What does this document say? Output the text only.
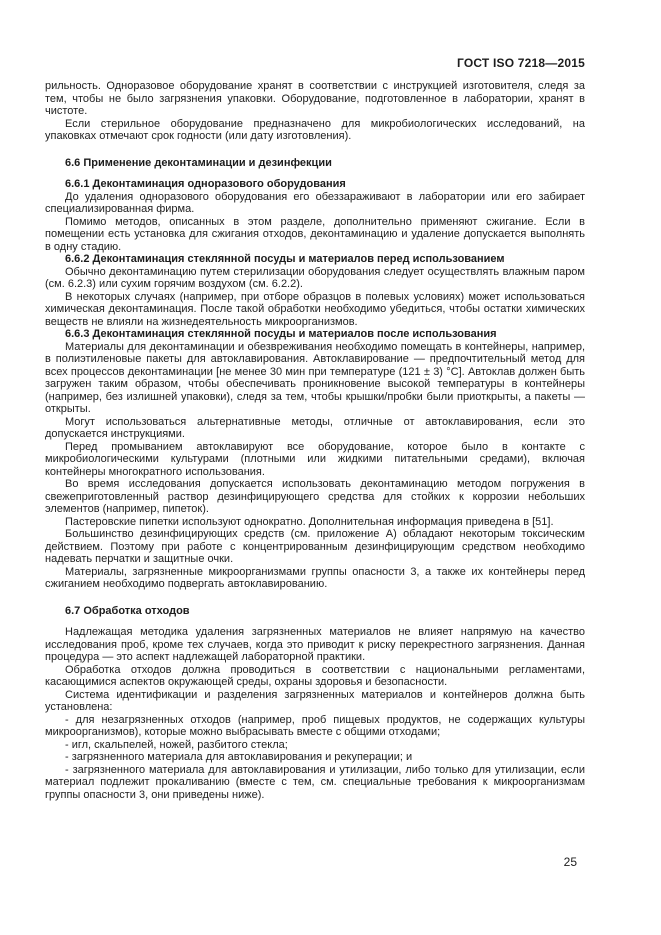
ГОСТ ISO 7218—2015

рильность. Одноразовое оборудование хранят в соответствии с инструкцией изготовителя, следя за тем, чтобы не было загрязнения упаковки. Оборудование, подготовленное в лаборатории, хранят в чистоте.

Если стерильное оборудование предназначено для микробиологических исследований, на упаковках отмечают срок годности (или дату изготовления).

6.6 Применение деконтаминации и дезинфекции

6.6.1 Деконтаминация одноразового оборудования

До удаления одноразового оборудования его обеззараживают в лаборатории или его забирает специализированная фирма.

Помимо методов, описанных в этом разделе, дополнительно применяют сжигание. Если в помещении есть установка для сжигания отходов, деконтаминацию и удаление допускается выполнять в одну стадию.

6.6.2 Деконтаминация стеклянной посуды и материалов перед использованием

Обычно деконтаминацию путем стерилизации оборудования следует осуществлять влажным паром (см. 6.2.3) или сухим горячим воздухом (см. 6.2.2).

В некоторых случаях (например, при отборе образцов в полевых условиях) может использоваться химическая деконтаминация. После такой обработки необходимо убедиться, чтобы остатки химических веществ не влияли на жизнедеятельность микроорганизмов.

6.6.3 Деконтаминация стеклянной посуды и материалов после использования

Материалы для деконтаминации и обезвреживания необходимо помещать в контейнеры, например, в полиэтиленовые пакеты для автоклавирования. Автоклавирование — предпочтительный метод для всех процессов деконтаминации [не менее 30 мин при температуре (121 ± 3) °С]. Автоклав должен быть загружен таким образом, чтобы обеспечивать проникновение высокой температуры в контейнеры (например, без излишней упаковки), следя за тем, чтобы крышки/пробки были приоткрыты, а пакеты — открыты.

Могут использоваться альтернативные методы, отличные от автоклавирования, если это допускается инструкциями.

Перед промыванием автоклавируют все оборудование, которое было в контакте с микробиологическими культурами (плотными или жидкими питательными средами), включая контейнеры многократного использования.

Во время исследования допускается использовать деконтаминацию методом погружения в свежеприготовленный раствор дезинфицирующего средства для стойких к коррозии небольших элементов (например, пипеток).

Пастеровские пипетки используют однократно. Дополнительная информация приведена в [51].

Большинство дезинфицирующих средств (см. приложение А) обладают некоторым токсическим действием. Поэтому при работе с концентрированным дезинфицирующим средством необходимо надевать перчатки и защитные очки.

Материалы, загрязненные микроорганизмами группы опасности 3, а также их контейнеры перед сжиганием необходимо подвергать автоклавированию.

6.7 Обработка отходов

Надлежащая методика удаления загрязненных материалов не влияет напрямую на качество исследования проб, кроме тех случаев, когда это приводит к риску перекрестного загрязнения. Данная процедура — это аспект надлежащей лабораторной практики.

Обработка отходов должна проводиться в соответствии с национальными регламентами, касающимися аспектов окружающей среды, охраны здоровья и безопасности.

Система идентификации и разделения загрязненных материалов и контейнеров должна быть установлена:

- для незагрязненных отходов (например, проб пищевых продуктов, не содержащих культуры микроорганизмов), которые можно выбрасывать вместе с общими отходами;

- игл, скальпелей, ножей, разбитого стекла;

- загрязненного материала для автоклавирования и рекуперации; и

- загрязненного материала для автоклавирования и утилизации, либо только для утилизации, если материал подлежит прокаливанию (вместе с тем, см. специальные требования к микроорганизмам группы опасности 3, они приведены ниже).

25
